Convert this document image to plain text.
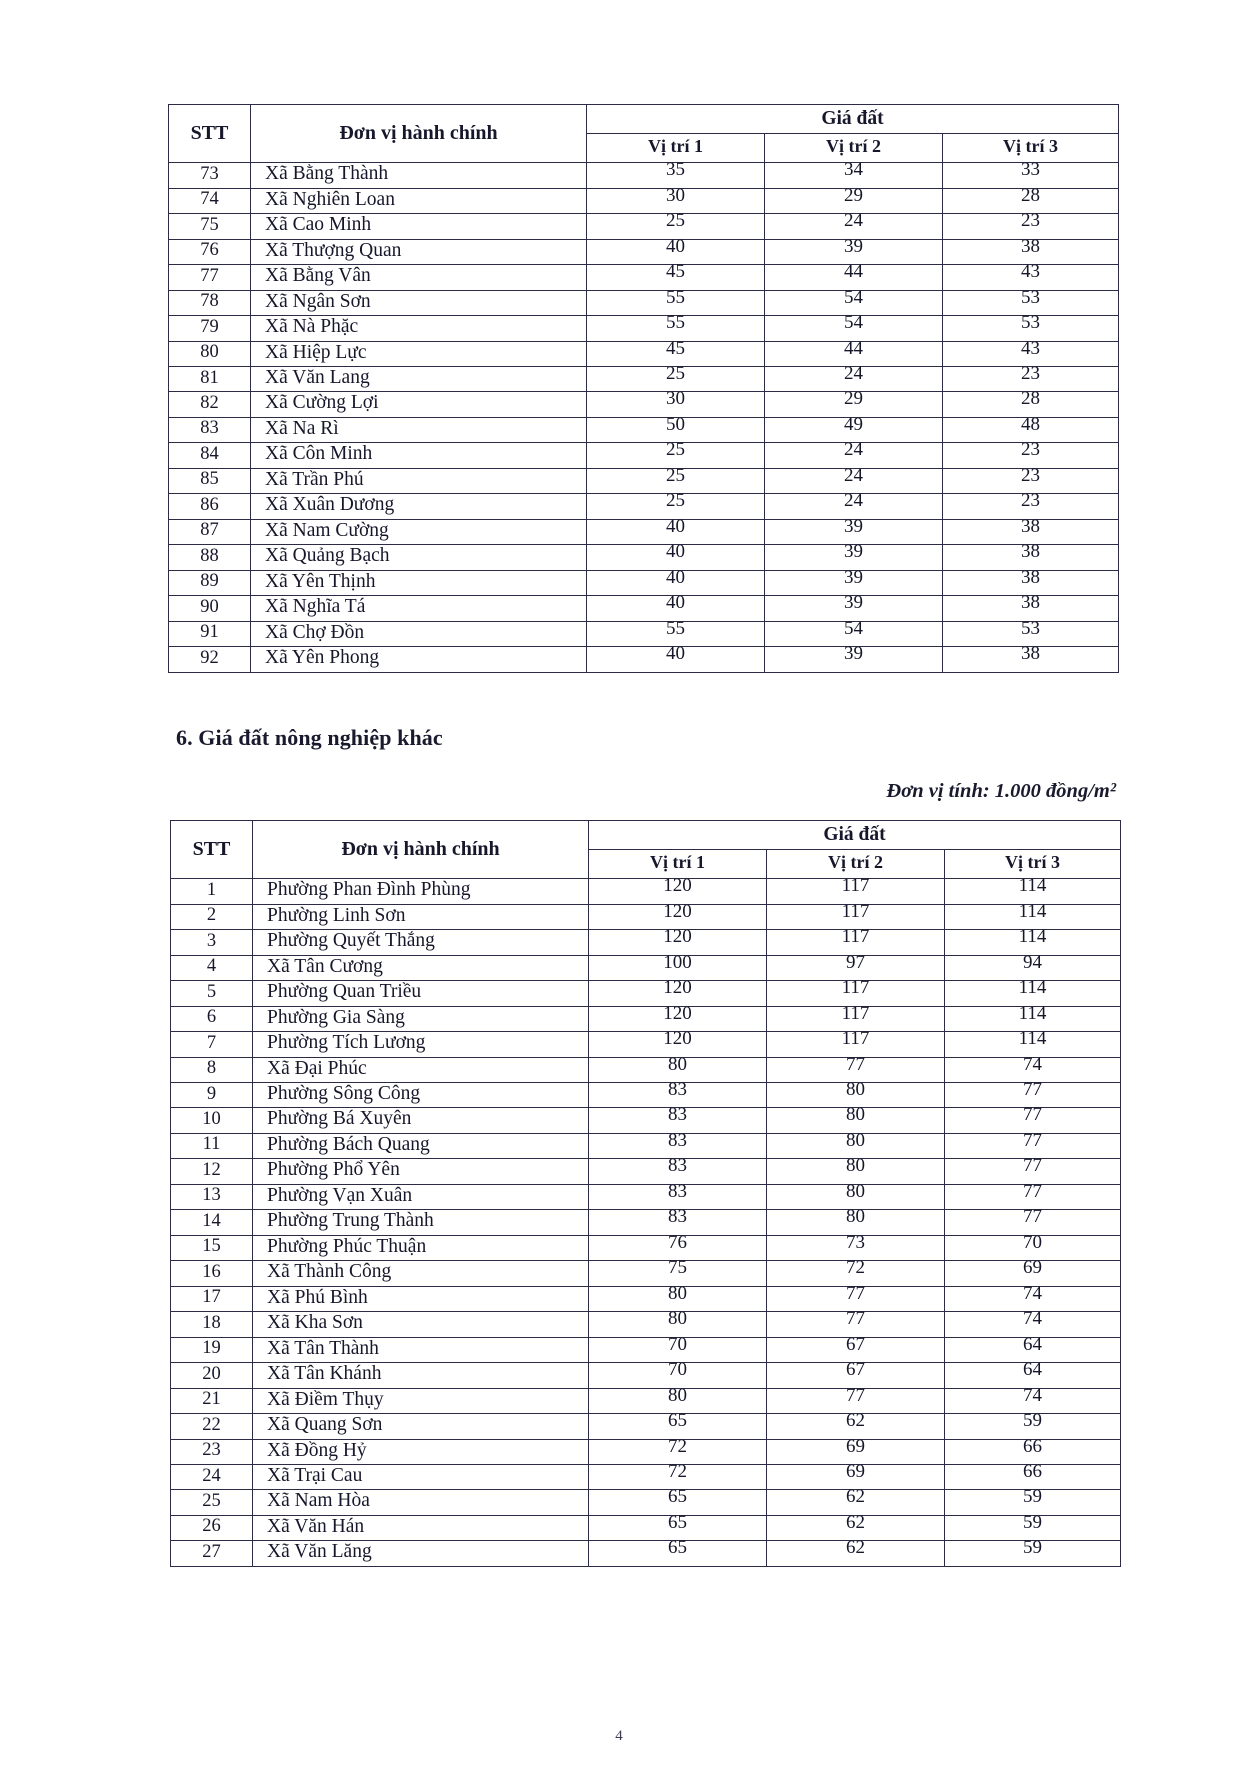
STT	Đơn vị hành chính	Giá đất		
		Vị trí 1	Vị trí 2	Vị trí 3
73	Xã Bằng Thành	35	34	33
74	Xã Nghiên Loan	30	29	28
75	Xã Cao Minh	25	24	23
76	Xã Thượng Quan	40	39	38
77	Xã Bằng Vân	45	44	43
78	Xã Ngân Sơn	55	54	53
79	Xã Nà Phặc	55	54	53
80	Xã Hiệp Lực	45	44	43
81	Xã Văn Lang	25	24	23
82	Xã Cường Lợi	30	29	28
83	Xã Na Rì	50	49	48
84	Xã Côn Minh	25	24	23
85	Xã Trần Phú	25	24	23
86	Xã Xuân Dương	25	24	23
87	Xã Nam Cường	40	39	38
88	Xã Quảng Bạch	40	39	38
89	Xã Yên Thịnh	40	39	38
90	Xã Nghĩa Tá	40	39	38
91	Xã Chợ Đồn	55	54	53
92	Xã Yên Phong	40	39	38
6. Giá đất nông nghiệp khác
Đơn vị tính: 1.000 đồng/m²
STT	Đơn vị hành chính	Giá đất		
		Vị trí 1	Vị trí 2	Vị trí 3
1	Phường Phan Đình Phùng	120	117	114
2	Phường Linh Sơn	120	117	114
3	Phường Quyết Thắng	120	117	114
4	Xã Tân Cương	100	97	94
5	Phường Quan Triều	120	117	114
6	Phường Gia Sàng	120	117	114
7	Phường Tích Lương	120	117	114
8	Xã Đại Phúc	80	77	74
9	Phường Sông Công	83	80	77
10	Phường Bá Xuyên	83	80	77
11	Phường Bách Quang	83	80	77
12	Phường Phổ Yên	83	80	77
13	Phường Vạn Xuân	83	80	77
14	Phường Trung Thành	83	80	77
15	Phường Phúc Thuận	76	73	70
16	Xã Thành Công	75	72	69
17	Xã Phú Bình	80	77	74
18	Xã Kha Sơn	80	77	74
19	Xã Tân Thành	70	67	64
20	Xã Tân Khánh	70	67	64
21	Xã Điềm Thụy	80	77	74
22	Xã Quang Sơn	65	62	59
23	Xã Đồng Hỷ	72	69	66
24	Xã Trại Cau	72	69	66
25	Xã Nam Hòa	65	62	59
26	Xã Văn Hán	65	62	59
27	Xã Văn Lăng	65	62	59
4
